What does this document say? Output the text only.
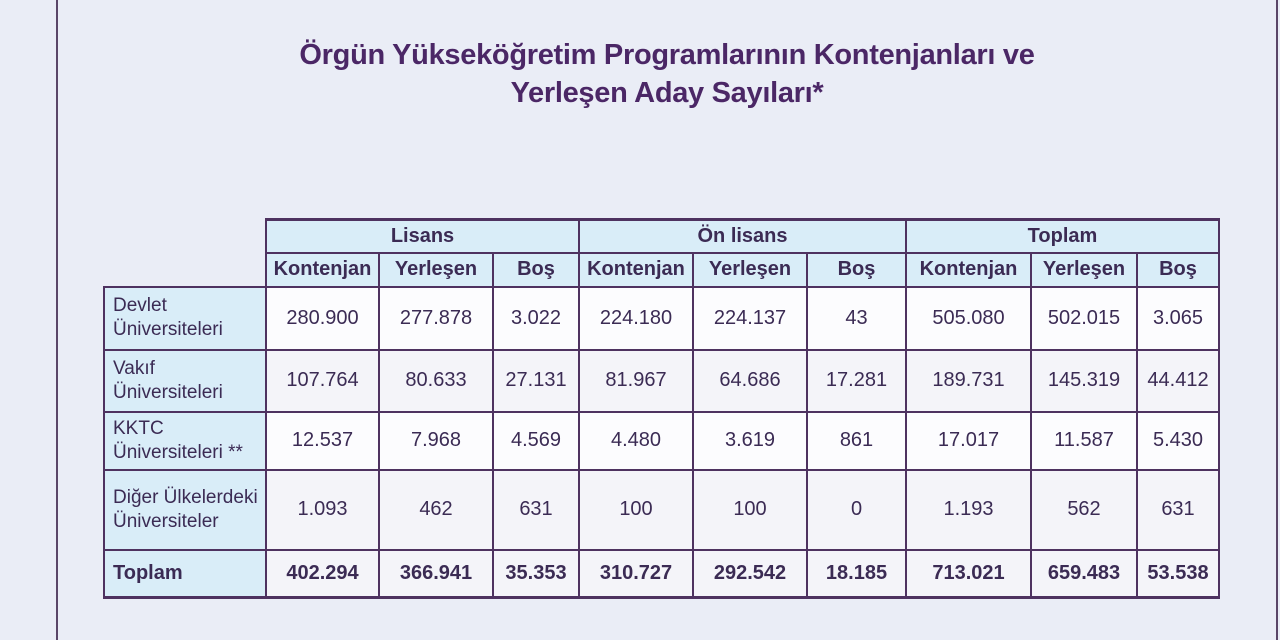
Örgün Yükseköğretim Programlarının Kontenjanları ve
Yerleşen Aday Sayıları*
	Lisans			Ön lisans			Toplam		
	Kontenjan	Yerleşen	Boş	Kontenjan	Yerleşen	Boş	Kontenjan	Yerleşen	Boş
Devlet Üniversiteleri	280.900	277.878	3.022	224.180	224.137	43	505.080	502.015	3.065
Vakıf Üniversiteleri	107.764	80.633	27.131	81.967	64.686	17.281	189.731	145.319	44.412
KKTC Üniversiteleri **	12.537	7.968	4.569	4.480	3.619	861	17.017	11.587	5.430
Diğer Ülkelerdeki Üniversiteler	1.093	462	631	100	100	0	1.193	562	631
Toplam	402.294	366.941	35.353	310.727	292.542	18.185	713.021	659.483	53.538
